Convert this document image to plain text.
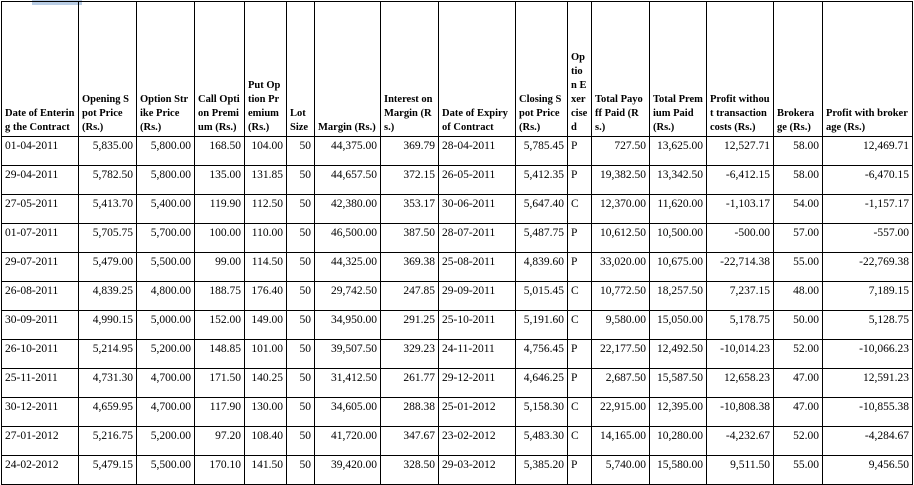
Date of Entering the Contract	Opening Spot Price (Rs.)	Option Strike Price (Rs.)	Call Option Premium (Rs.)	Put Option Premium (Rs.)	Lot Size	Margin (Rs.)	Interest on Margin (Rs.)	Date of Expiry of Contract	Closing Spot Price (Rs.)	Option Exercised	Total Payoff Paid (Rs.)	Total Premium Paid (Rs.)	Profit without transaction costs (Rs.)	Brokerage (Rs.)	Profit with brokerage (Rs.)
01-04-2011	5,835.00	5,800.00	168.50	104.00	50	44,375.00	369.79	28-04-2011	5,785.45	P	727.50	13,625.00	12,527.71	58.00	12,469.71
29-04-2011	5,782.50	5,800.00	135.00	131.85	50	44,657.50	372.15	26-05-2011	5,412.35	P	19,382.50	13,342.50	-6,412.15	58.00	-6,470.15
27-05-2011	5,413.70	5,400.00	119.90	112.50	50	42,380.00	353.17	30-06-2011	5,647.40	C	12,370.00	11,620.00	-1,103.17	54.00	-1,157.17
01-07-2011	5,705.75	5,700.00	100.00	110.00	50	46,500.00	387.50	28-07-2011	5,487.75	P	10,612.50	10,500.00	-500.00	57.00	-557.00
29-07-2011	5,479.00	5,500.00	99.00	114.50	50	44,325.00	369.38	25-08-2011	4,839.60	P	33,020.00	10,675.00	-22,714.38	55.00	-22,769.38
26-08-2011	4,839.25	4,800.00	188.75	176.40	50	29,742.50	247.85	29-09-2011	5,015.45	C	10,772.50	18,257.50	7,237.15	48.00	7,189.15
30-09-2011	4,990.15	5,000.00	152.00	149.00	50	34,950.00	291.25	25-10-2011	5,191.60	C	9,580.00	15,050.00	5,178.75	50.00	5,128.75
26-10-2011	5,214.95	5,200.00	148.85	101.00	50	39,507.50	329.23	24-11-2011	4,756.45	P	22,177.50	12,492.50	-10,014.23	52.00	-10,066.23
25-11-2011	4,731.30	4,700.00	171.50	140.25	50	31,412.50	261.77	29-12-2011	4,646.25	P	2,687.50	15,587.50	12,658.23	47.00	12,591.23
30-12-2011	4,659.95	4,700.00	117.90	130.00	50	34,605.00	288.38	25-01-2012	5,158.30	C	22,915.00	12,395.00	-10,808.38	47.00	-10,855.38
27-01-2012	5,216.75	5,200.00	97.20	108.40	50	41,720.00	347.67	23-02-2012	5,483.30	C	14,165.00	10,280.00	-4,232.67	52.00	-4,284.67
24-02-2012	5,479.15	5,500.00	170.10	141.50	50	39,420.00	328.50	29-03-2012	5,385.20	P	5,740.00	15,580.00	9,511.50	55.00	9,456.50
